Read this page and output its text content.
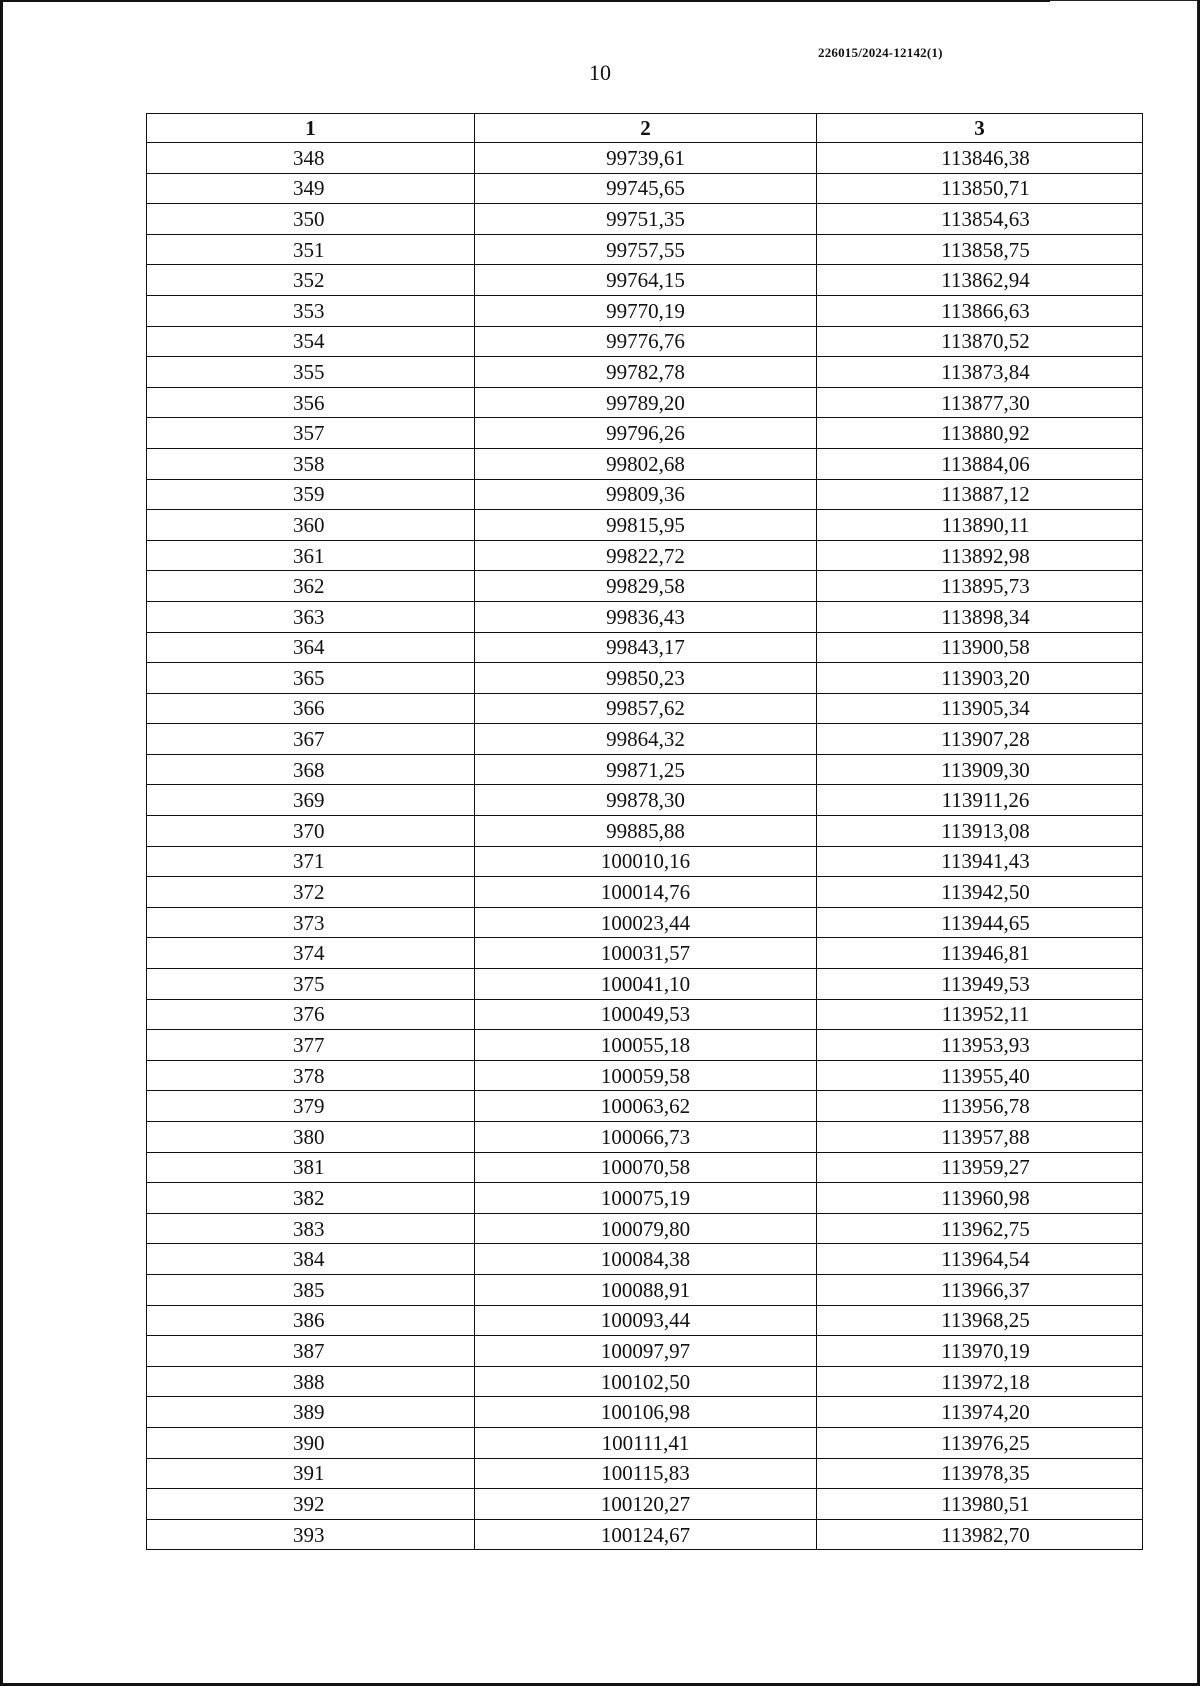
226015/2024-12142(1)
10
1	2	3
348	99739,61	113846,38
349	99745,65	113850,71
350	99751,35	113854,63
351	99757,55	113858,75
352	99764,15	113862,94
353	99770,19	113866,63
354	99776,76	113870,52
355	99782,78	113873,84
356	99789,20	113877,30
357	99796,26	113880,92
358	99802,68	113884,06
359	99809,36	113887,12
360	99815,95	113890,11
361	99822,72	113892,98
362	99829,58	113895,73
363	99836,43	113898,34
364	99843,17	113900,58
365	99850,23	113903,20
366	99857,62	113905,34
367	99864,32	113907,28
368	99871,25	113909,30
369	99878,30	113911,26
370	99885,88	113913,08
371	100010,16	113941,43
372	100014,76	113942,50
373	100023,44	113944,65
374	100031,57	113946,81
375	100041,10	113949,53
376	100049,53	113952,11
377	100055,18	113953,93
378	100059,58	113955,40
379	100063,62	113956,78
380	100066,73	113957,88
381	100070,58	113959,27
382	100075,19	113960,98
383	100079,80	113962,75
384	100084,38	113964,54
385	100088,91	113966,37
386	100093,44	113968,25
387	100097,97	113970,19
388	100102,50	113972,18
389	100106,98	113974,20
390	100111,41	113976,25
391	100115,83	113978,35
392	100120,27	113980,51
393	100124,67	113982,70
